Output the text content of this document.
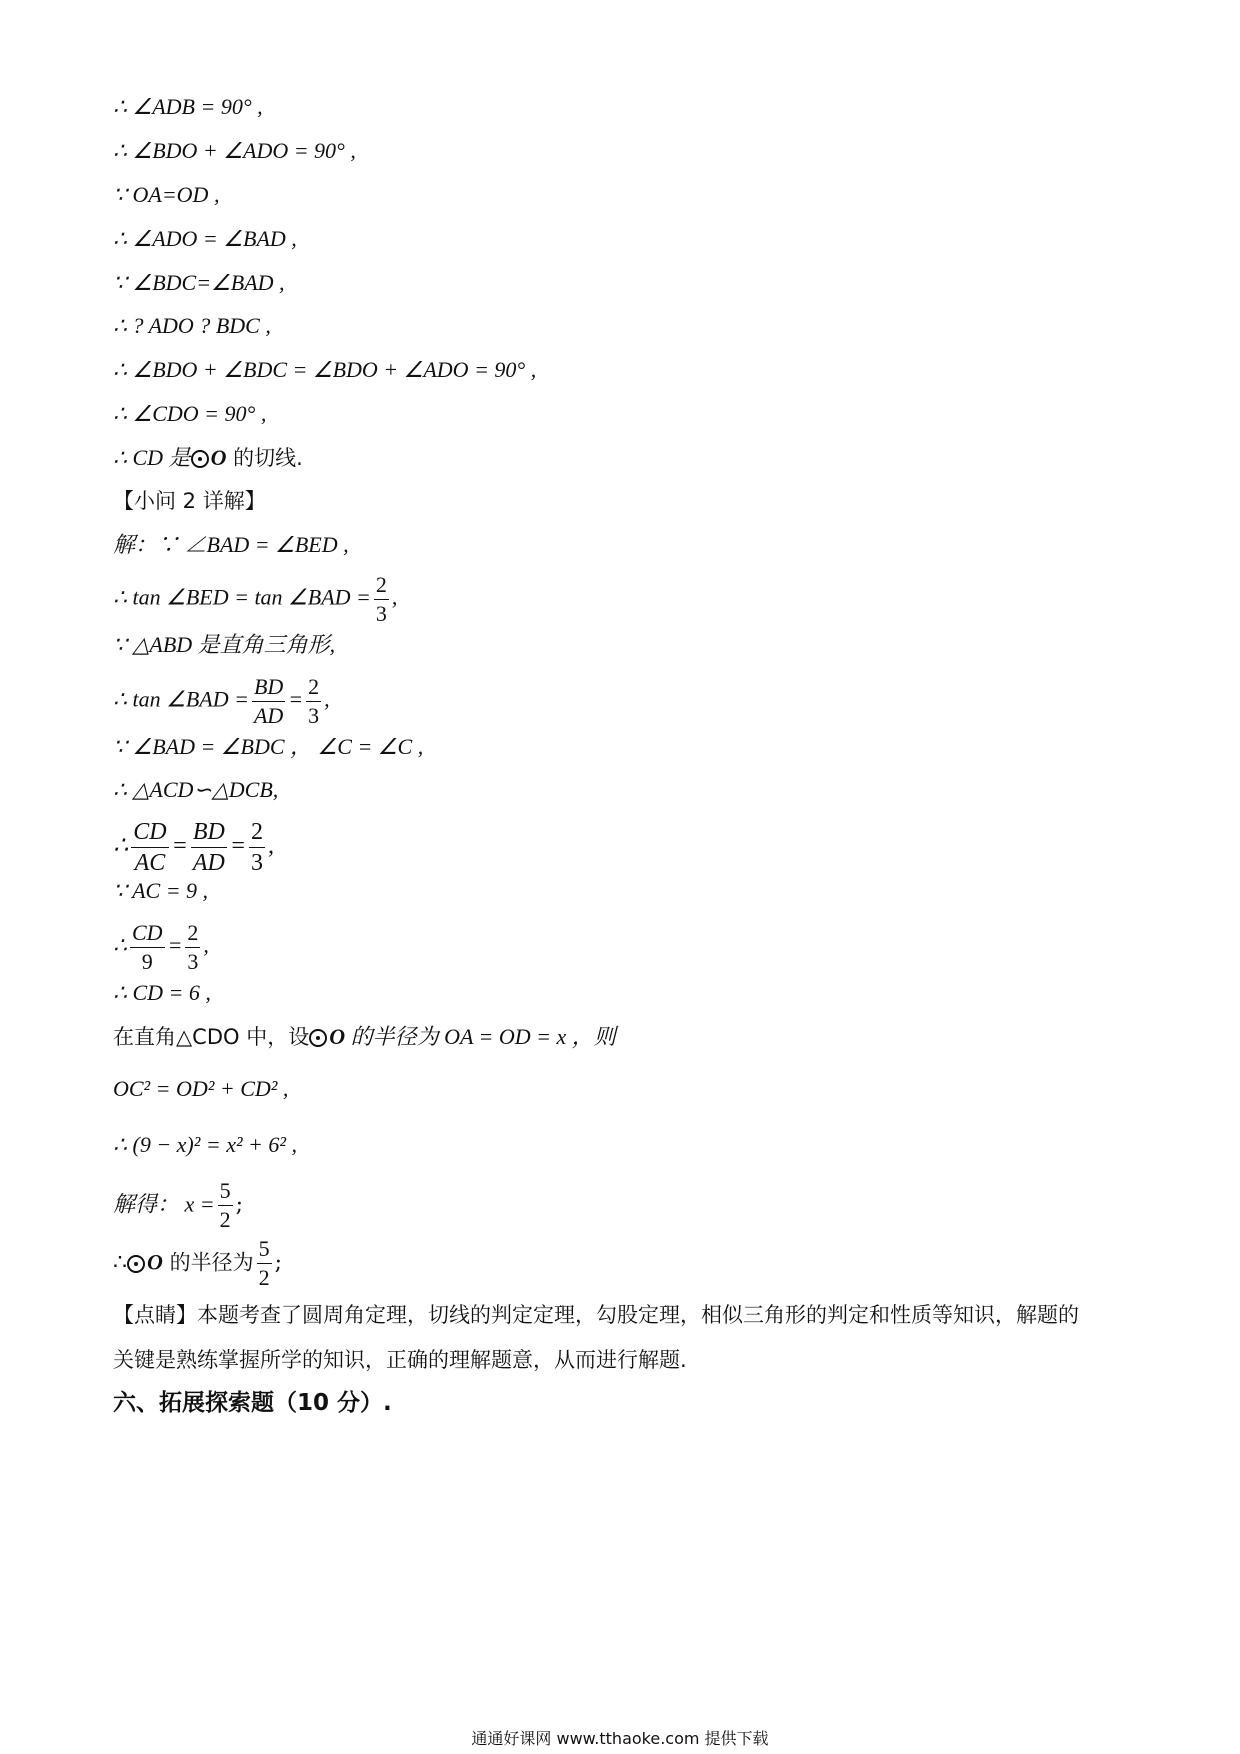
∴ ∠ADB = 90° ,
∴ ∠BDO + ∠ADO = 90° ,
∵ OA=OD ,
∴ ∠ADO = ∠BAD ,
∵ ∠BDC=∠BAD ,
∴ ? ADO ? BDC ,
∴ ∠BDO + ∠BDC = ∠BDO + ∠ADO = 90° ,
∴ ∠CDO = 90° ,
∴ CD 是 O 的切线.
【小问 2 详解】
解：∵ ∠BAD = ∠BED ,
∴ tan ∠BED = tan ∠BAD = $\frac{2}{3}$ ,
∵ △ABD 是直角三角形,
∴ tan ∠BAD = $\frac{BD}{AD} = \frac{2}{3}$ ,
∵ ∠BAD = ∠BDC ， ∠C = ∠C ,
∴ △ACD∽△DCB,
∴ $\frac{CD}{AC} = \frac{BD}{AD} = \frac{2}{3}$ ,
∵ AC = 9 ,
∴ $\frac{CD}{9} = \frac{2}{3}$ ,
∴ CD = 6 ,
在直角△CDO 中，设 O 的半径为 OA = OD = x ，则
OC² = OD² + CD² ,
∴ (9 − x)² = x² + 6² ,
解得： $x = \frac{5}{2}$ ;
∴ O 的半径为 $\frac{5}{2}$ ;
【点睛】本题考查了圆周角定理，切线的判定定理，勾股定理，相似三角形的判定和性质等知识，解题的
关键是熟练掌握所学的知识，正确的理解题意，从而进行解题.
六、拓展探索题（10 分）.
通通好课网 www.tthaoke.com 提供下载
